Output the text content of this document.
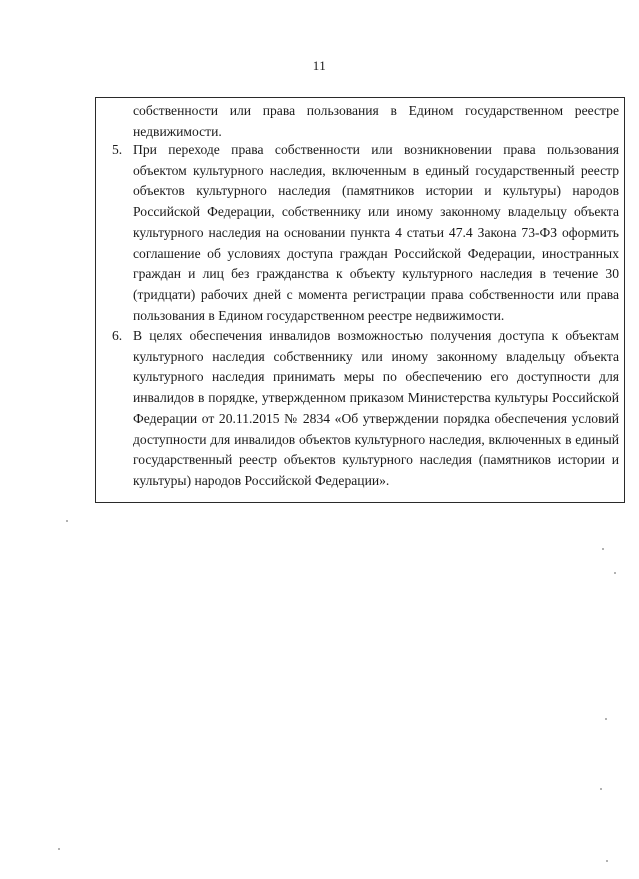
11

собственности или права пользования в Едином государственном реестре недвижимости.

5. При переходе права собственности или возникновении права пользования объектом культурного наследия, включенным в единый государственный реестр объектов культурного наследия (памятников истории и культуры) народов Российской Федерации, собственнику или иному законному владельцу объекта культурного наследия на основании пункта 4 статьи 47.4 Закона 73-ФЗ оформить соглашение об условиях доступа граждан Российской Федерации, иностранных граждан и лиц без гражданства к объекту культурного наследия в течение 30 (тридцати) рабочих дней с момента регистрации права собственности или права пользования в Едином государственном реестре недвижимости.

6. В целях обеспечения инвалидов возможностью получения доступа к объектам культурного наследия собственнику или иному законному владельцу объекта культурного наследия принимать меры по обеспечению его доступности для инвалидов в порядке, утвержденном приказом Министерства культуры Российской Федерации от 20.11.2015 № 2834 «Об утверждении порядка обеспечения условий доступности для инвалидов объектов культурного наследия, включенных в единый государственный реестр объектов культурного наследия (памятников истории и культуры) народов Российской Федерации».
